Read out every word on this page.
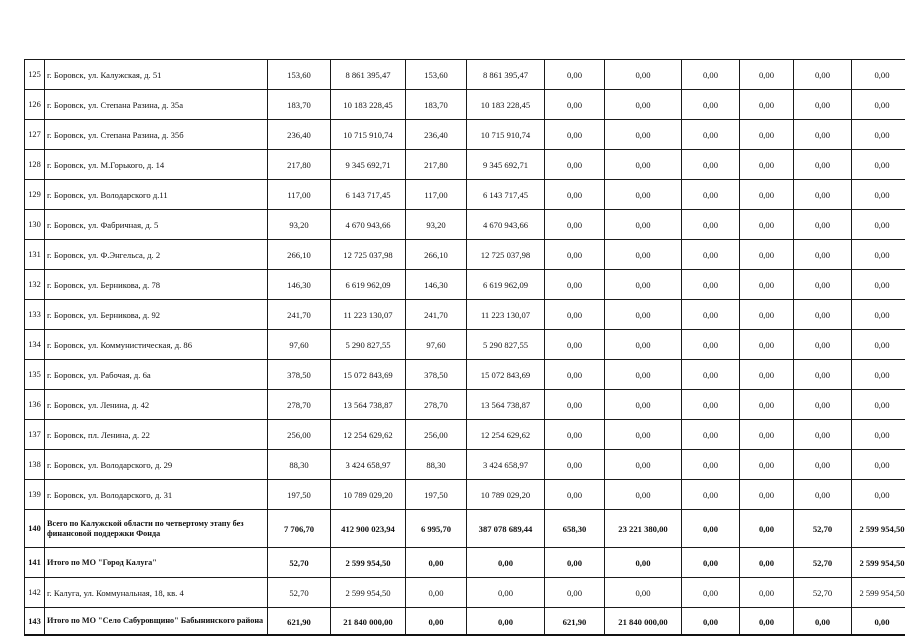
125	г. Боровск, ул. Калужская, д. 51	153,60	8 861 395,47	153,60	8 861 395,47	0,00	0,00	0,00	0,00	0,00	0,00
126	г. Боровск, ул. Степана Разина, д. 35а	183,70	10 183 228,45	183,70	10 183 228,45	0,00	0,00	0,00	0,00	0,00	0,00
127	г. Боровск, ул. Степана Разина, д. 35б	236,40	10 715 910,74	236,40	10 715 910,74	0,00	0,00	0,00	0,00	0,00	0,00
128	г. Боровск, ул. М.Горького, д. 14	217,80	9 345 692,71	217,80	9 345 692,71	0,00	0,00	0,00	0,00	0,00	0,00
129	г. Боровск, ул. Володарского д.11	117,00	6 143 717,45	117,00	6 143 717,45	0,00	0,00	0,00	0,00	0,00	0,00
130	г. Боровск, ул. Фабричная, д. 5	93,20	4 670 943,66	93,20	4 670 943,66	0,00	0,00	0,00	0,00	0,00	0,00
131	г. Боровск, ул. Ф.Энгельса, д. 2	266,10	12 725 037,98	266,10	12 725 037,98	0,00	0,00	0,00	0,00	0,00	0,00
132	г. Боровск, ул. Берникова, д. 78	146,30	6 619 962,09	146,30	6 619 962,09	0,00	0,00	0,00	0,00	0,00	0,00
133	г. Боровск, ул. Берникова, д. 92	241,70	11 223 130,07	241,70	11 223 130,07	0,00	0,00	0,00	0,00	0,00	0,00
134	г. Боровск, ул. Коммунистическая, д. 86	97,60	5 290 827,55	97,60	5 290 827,55	0,00	0,00	0,00	0,00	0,00	0,00
135	г. Боровск, ул. Рабочая, д. 6а	378,50	15 072 843,69	378,50	15 072 843,69	0,00	0,00	0,00	0,00	0,00	0,00
136	г. Боровск, ул. Ленина, д. 42	278,70	13 564 738,87	278,70	13 564 738,87	0,00	0,00	0,00	0,00	0,00	0,00
137	г. Боровск, пл. Ленина, д. 22	256,00	12 254 629,62	256,00	12 254 629,62	0,00	0,00	0,00	0,00	0,00	0,00
138	г. Боровск, ул. Володарского, д. 29	88,30	3 424 658,97	88,30	3 424 658,97	0,00	0,00	0,00	0,00	0,00	0,00
139	г. Боровск, ул. Володарского, д. 31	197,50	10 789 029,20	197,50	10 789 029,20	0,00	0,00	0,00	0,00	0,00	0,00
140	Всего по Калужской области по четвертому этапу без финансовой поддержки Фонда	7 706,70	412 900 023,94	6 995,70	387 078 689,44	658,30	23 221 380,00	0,00	0,00	52,70	2 599 954,50
141	Итого по МО "Город Калуга"	52,70	2 599 954,50	0,00	0,00	0,00	0,00	0,00	0,00	52,70	2 599 954,50
142	г. Калуга, ул. Коммунальная, 18, кв. 4	52,70	2 599 954,50	0,00	0,00	0,00	0,00	0,00	0,00	52,70	2 599 954,50
143	Итого по МО "Село Сабуровщино" Бабынинского района	621,90	21 840 000,00	0,00	0,00	621,90	21 840 000,00	0,00	0,00	0,00	0,00
